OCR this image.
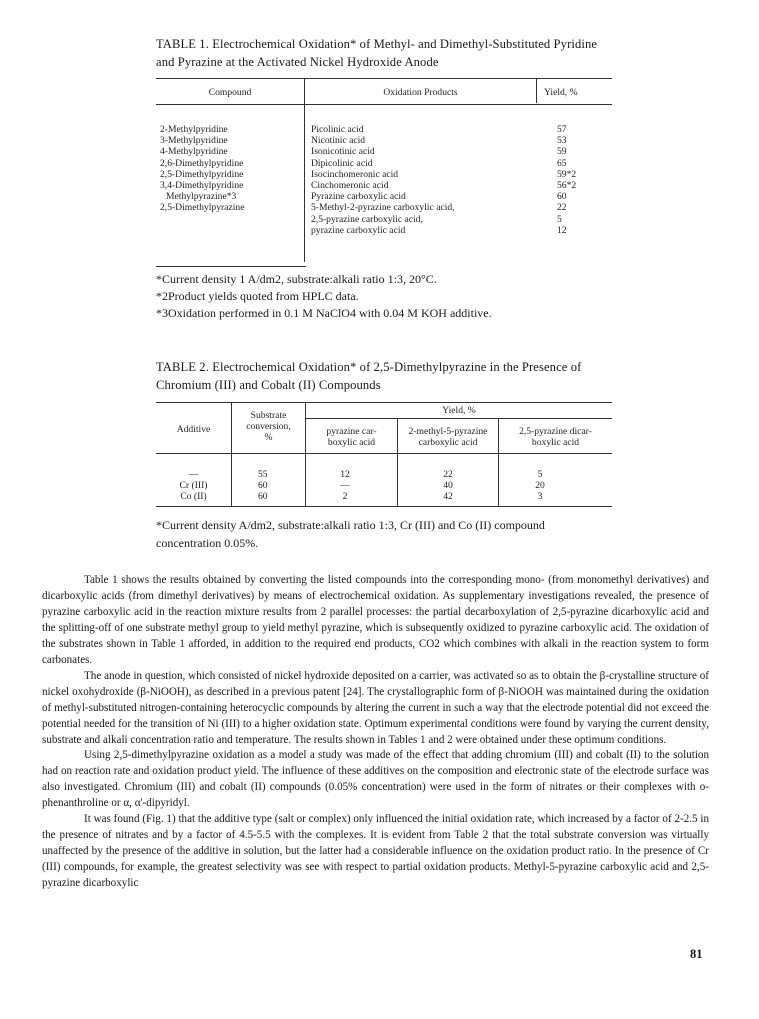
TABLE 1. Electrochemical Oxidation* of Methyl- and Dimethyl-Substituted Pyridine
and Pyrazine at the Activated Nickel Hydroxide Anode
Compound	Oxidation Products	Yield, %
2-Methylpyridine
3-Methylpyridine
4-Methylpyridine
2,6-Dimethylpyridine
2,5-Dimethylpyridine
3,4-Dimethylpyridine
Methylpyrazine*3
2,5-Dimethylpyrazine
Picolinic acid
Nicotinic acid
Isonicotinic acid
Dipicolinic acid
Isocinchomeronic acid
Cinchomeronic acid
Pyrazine carboxylic acid
5-Methyl-2-pyrazine carboxylic acid,
2,5-pyrazine carboxylic acid,
pyrazine carboxylic acid
57
53
59
65
59*2
56*2
60
22
5
12
*Current density 1 A/dm2, substrate:alkali ratio 1:3, 20°C.
*2Product yields quoted from HPLC data.
*3Oxidation performed in 0.1 M NaClO4 with 0.04 M KOH additive.
TABLE 2. Electrochemical Oxidation* of 2,5-Dimethylpyrazine in the Presence of
Chromium (III) and Cobalt (II) Compounds
Additive
Substrate
conversion,
%
Yield, %
pyrazine car-
boxylic acid
2-methyl-5-pyrazine
carboxylic acid
2,5-pyrazine dicar-
boxylic acid
—
Cr (III)
Co (II)
55
60
60
12
—
2
22
40
42
5
20
3
*Current density A/dm2, substrate:alkali ratio 1:3, Cr (III) and Co (II) compound
concentration 0.05%.

Table 1 shows the results obtained by converting the listed compounds into the corresponding mono- (from monomethyl derivatives) and dicarboxylic acids (from dimethyl derivatives) by means of electrochemical oxidation. As supplementary investigations revealed, the presence of pyrazine carboxylic acid in the reaction mixture results from 2 parallel processes: the partial decarboxylation of 2,5-pyrazine dicarboxylic acid and the splitting-off of one substrate methyl group to yield methyl pyrazine, which is subsequently oxidized to pyrazine carboxylic acid. The oxidation of the substrates shown in Table 1 afforded, in addition to the required end products, CO2 which combines with alkali in the reaction system to form carbonates.

The anode in question, which consisted of nickel hydroxide deposited on a carrier, was activated so as to obtain the β-crystalline structure of nickel oxohydroxide (β-NiOOH), as described in a previous patent [24]. The crystallographic form of β-NiOOH was maintained during the oxidation of methyl-substituted nitrogen-containing heterocyclic compounds by altering the current in such a way that the electrode potential did not exceed the potential needed for the transition of Ni (III) to a higher oxidation state. Optimum experimental conditions were found by varying the current density, substrate and alkali concentration ratio and temperature. The results shown in Tables 1 and 2 were obtained under these optimum conditions.

Using 2,5-dimethylpyrazine oxidation as a model a study was made of the effect that adding chromium (III) and cobalt (II) to the solution had on reaction rate and oxidation product yield. The influence of these additives on the composition and electronic state of the electrode surface was also investigated. Chromium (III) and cobalt (II) compounds (0.05% concentration) were used in the form of nitrates or their complexes with o-phenanthroline or α, α'-dipyridyl.

It was found (Fig. 1) that the additive type (salt or complex) only influenced the initial oxidation rate, which increased by a factor of 2-2.5 in the presence of nitrates and by a factor of 4.5-5.5 with the complexes. It is evident from Table 2 that the total substrate conversion was virtually unaffected by the presence of the additive in solution, but the latter had a considerable influence on the oxidation product ratio. In the presence of Cr (III) compounds, for example, the greatest selectivity was see with respect to partial oxidation products. Methyl-5-pyrazine carboxylic acid and 2,5-pyrazine dicarboxylic

81
